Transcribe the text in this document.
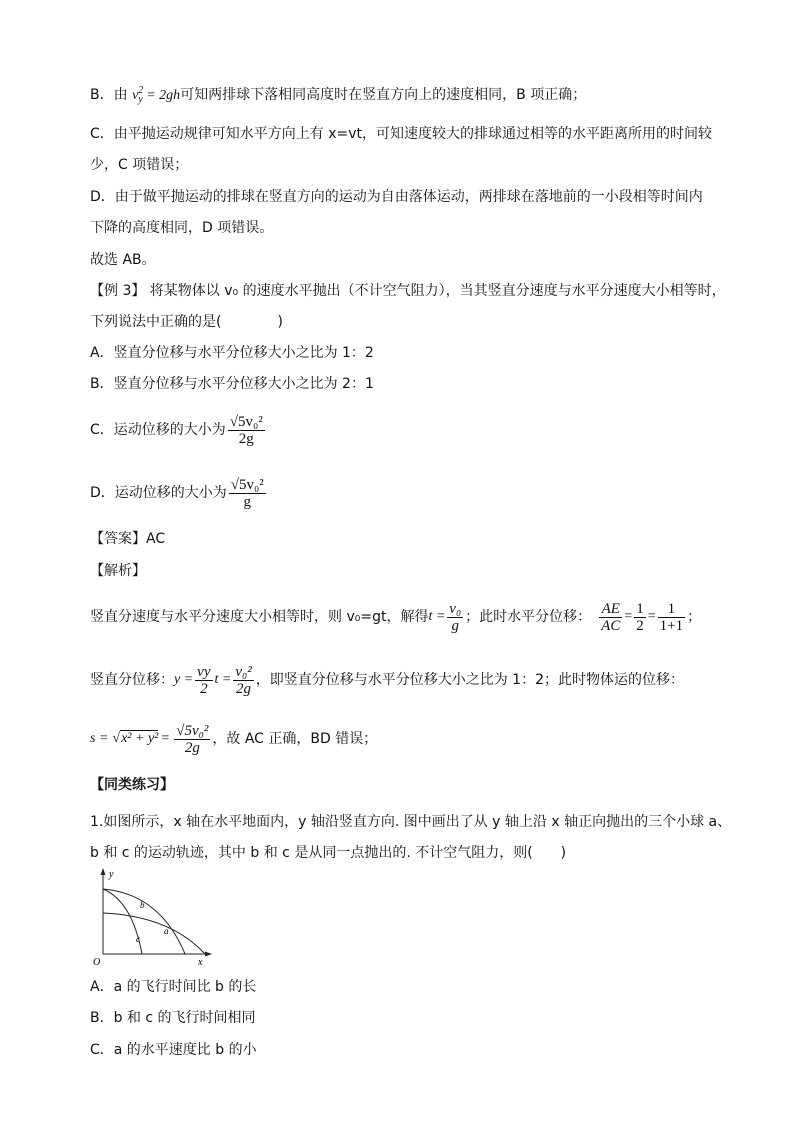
B．由 $v^2_y = 2gh$可知两排球下落相同高度时在竖直方向上的速度相同，B 项正确；
C．由平抛运动规律可知水平方向上有 x=vt，可知速度较大的排球通过相等的水平距离所用的时间较
少，C 项错误；
D．由于做平抛运动的排球在竖直方向的运动为自由落体运动，两排球在落地前的一小段相等时间内
下降的高度相同，D 项错误。
故选 AB。
【例 3】 将某物体以 v₀ 的速度水平抛出（不计空气阻力），当其竖直分速度与水平分速度大小相等时，
下列说法中正确的是(　　　　)
A．竖直分位移与水平分位移大小之比为 1：2
B．竖直分位移与水平分位移大小之比为 2：1
C．运动位移的大小为 $\frac{\text{√5v₀²}}{2g}$
D．运动位移的大小为 $\frac{\text{√5v₀²}}{g}$
【答案】AC
【解析】
竖直分速度与水平分速度大小相等时，则 v₀=gt，解得 $t = \frac{\text{v₀}}{g}$ ；此时水平分位移： $\frac{AE}{AC} = \frac{1}{2} = \frac{1}{1+1}$ ；
竖直分位移： $y = \frac{vy}{2}$ $t = \frac{\text{v₀²}}{2g}$ ，即竖直分位移与水平分位移大小之比为 1：2；此时物体运的位移：
$s = √x^2 + y^2 = \frac{\text{√5v₀²}}{2g}$ ，故 AC 正确，BD 错误；
【同类练习】
1.如图所示，x 轴在水平地面内，y 轴沿竖直方向. 图中画出了从 y 轴上沿 x 轴正向抛出的三个小球 a、
b 和 c 的运动轨迹，其中 b 和 c 是从同一点抛出的. 不计空气阻力，则(　　)
y
x
O
b
a
c
A．a 的飞行时间比 b 的长
B．b 和 c 的飞行时间相同
C．a 的水平速度比 b 的小
